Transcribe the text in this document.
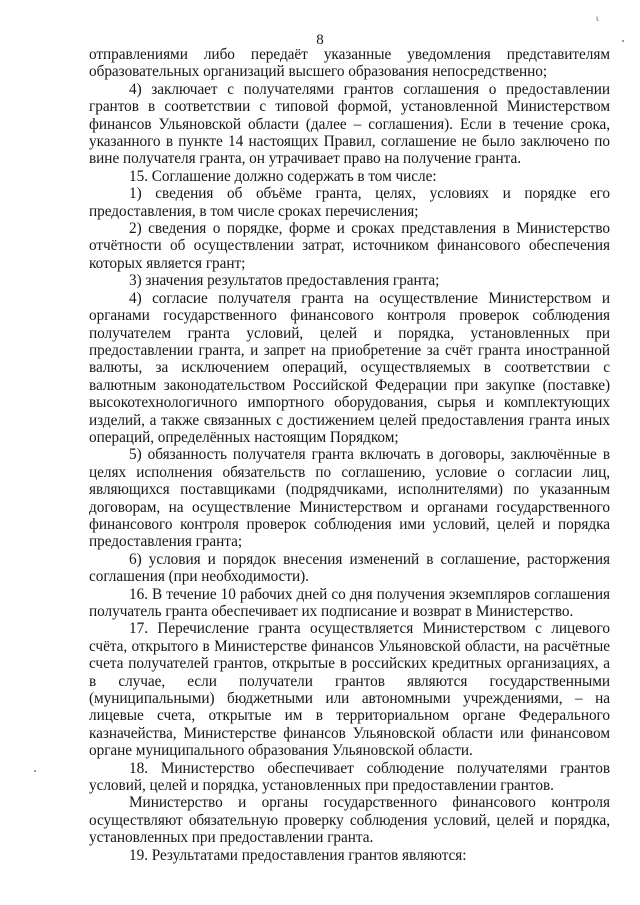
ι
8

отправлениями либо передаёт указанные уведомления представителям образовательных организаций высшего образования непосредственно;

4) заключает с получателями грантов соглашения о предоставлении грантов в соответствии с типовой формой, установленной Министерством финансов Ульяновской области (далее – соглашения). Если в течение срока, указанного в пункте 14 настоящих Правил, соглашение не было заключено по вине получателя гранта, он утрачивает право на получение гранта.

15. Соглашение должно содержать в том числе:

1) сведения об объёме гранта, целях, условиях и порядке его предоставления, в том числе сроках перечисления;

2) сведения о порядке, форме и сроках представления в Министерство отчётности об осуществлении затрат, источником финансового обеспечения которых является грант;

3) значения результатов предоставления гранта;

4) согласие получателя гранта на осуществление Министерством и органами государственного финансового контроля проверок соблюдения получателем гранта условий, целей и порядка, установленных при предоставлении гранта, и запрет на приобретение за счёт гранта иностранной валюты, за исключением операций, осуществляемых в соответствии с валютным законодательством Российской Федерации при закупке (поставке) высокотехнологичного импортного оборудования, сырья и комплектующих изделий, а также связанных с достижением целей предоставления гранта иных операций, определённых настоящим Порядком;

5) обязанность получателя гранта включать в договоры, заключённые в целях исполнения обязательств по соглашению, условие о согласии лиц, являющихся поставщиками (подрядчиками, исполнителями) по указанным договорам, на осуществление Министерством и органами государственного финансового контроля проверок соблюдения ими условий, целей и порядка предоставления гранта;

6) условия и порядок внесения изменений в соглашение, расторжения соглашения (при необходимости).

16. В течение 10 рабочих дней со дня получения экземпляров соглашения получатель гранта обеспечивает их подписание и возврат в Министерство.

17. Перечисление гранта осуществляется Министерством с лицевого счёта, открытого в Министерстве финансов Ульяновской области, на расчётные счета получателей грантов, открытые в российских кредитных организациях, а в случае, если получатели грантов являются государственными (муниципальными) бюджетными или автономными учреждениями, – на лицевые счета, открытые им в территориальном органе Федерального казначейства, Министерстве финансов Ульяновской области или финансовом органе муниципального образования Ульяновской области.

18. Министерство обеспечивает соблюдение получателями грантов условий, целей и порядка, установленных при предоставлении грантов.

Министерство и органы государственного финансового контроля осуществляют обязательную проверку соблюдения условий, целей и порядка, установленных при предоставлении гранта.

19. Результатами предоставления грантов являются:
